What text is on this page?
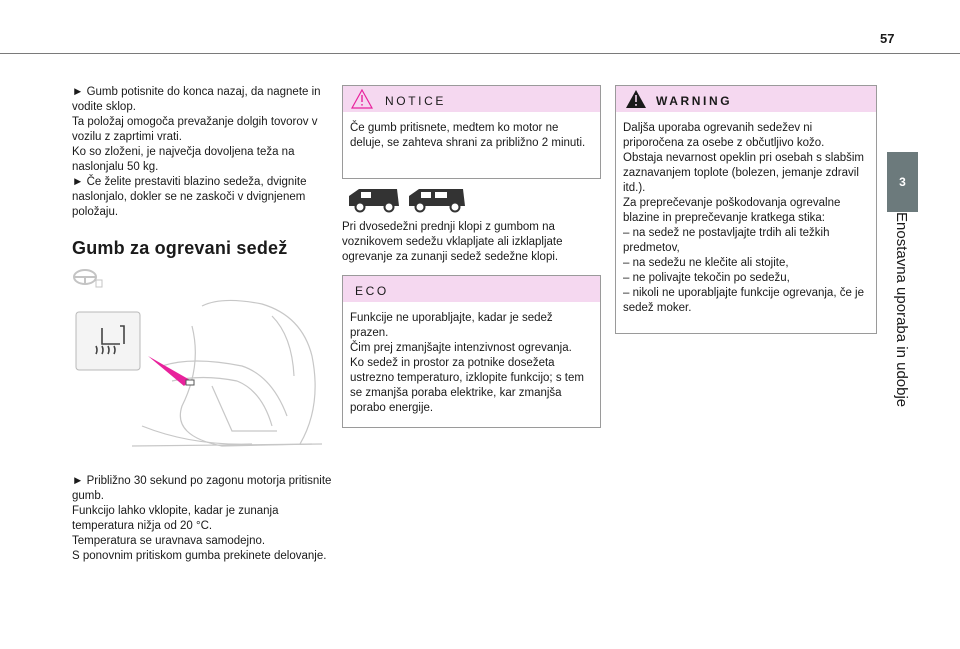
57
3
Enostavna uporaba in udobje

► Gumb potisnite do konca nazaj, da nagnete in vodite sklop.

Ta položaj omogoča prevažanje dolgih tovorov v vozilu z zaprtimi vrati.

Ko so zloženi, je največja dovoljena teža na naslonjalu 50 kg.

► Če želite prestaviti blazino sedeža, dvignite naslonjalo, dokler se ne zaskoči v dvignjenem položaju.

Gumb za ogrevani sedež

► Približno 30 sekund po zagonu motorja pritisnite gumb.

Funkcijo lahko vklopite, kadar je zunanja temperatura nižja od 20 °C.

Temperatura se uravnava samodejno.

S ponovnim pritiskom gumba prekinete delovanje.

NOTICE

Če gumb pritisnete, medtem ko motor ne deluje, se zahteva shrani za približno 2 minuti.

Pri dvosedežni prednji klopi z gumbom na voznikovem sedežu vklapljate ali izklapljate ogrevanje za zunanji sedež sedežne klopi.

ECO

Funkcije ne uporabljajte, kadar je sedež prazen.

Čim prej zmanjšajte intenzivnost ogrevanja.

Ko sedež in prostor za potnike dosežeta ustrezno temperaturo, izklopite funkcijo; s tem se zmanjša poraba elektrike, kar zmanjša porabo energije.

WARNING

Daljša uporaba ogrevanih sedežev ni priporočena za osebe z občutljivo kožo.

Obstaja nevarnost opeklin pri osebah s slabšim zaznavanjem toplote (bolezen, jemanje zdravil itd.).

Za preprečevanje poškodovanja ogrevalne blazine in preprečevanje kratkega stika:

– na sedež ne postavljajte trdih ali težkih predmetov,

– na sedežu ne klečite ali stojite,

– ne polivajte tekočin po sedežu,

– nikoli ne uporabljajte funkcije ogrevanja, če je sedež moker.
